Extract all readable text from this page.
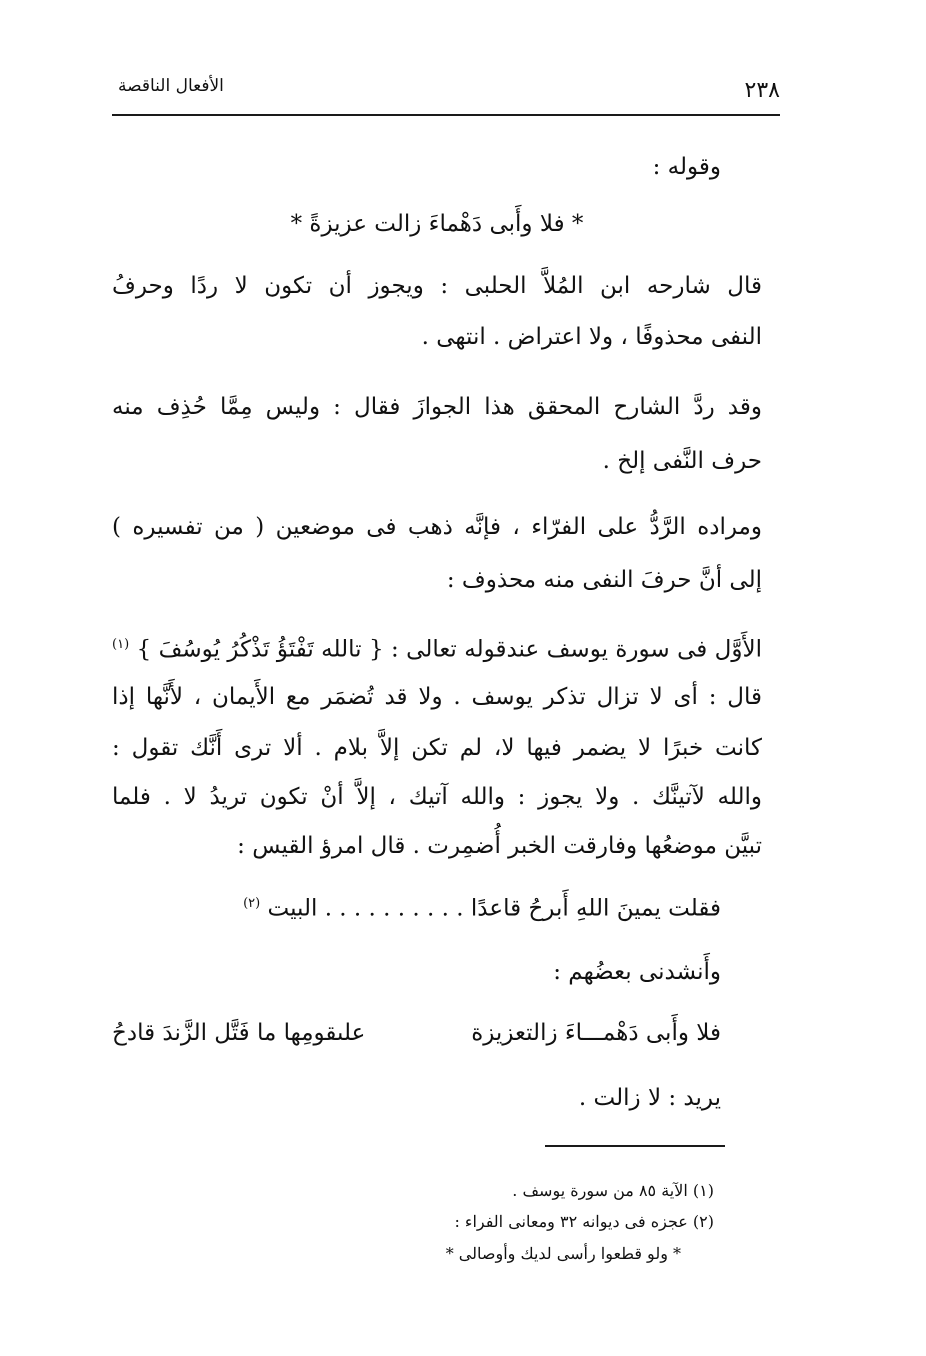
الأفعال الناقصة	٢٣٨
وقوله :
* فلا وأَبى دَهْماءَ زالت عزيزةً *
قال شارحه ابن المُلاَّ الحلبى : ويجوز أن تكون لا ردًا وحرفُ
النفى محذوفًا ، ولا اعتراض . انتهى .
وقد ردَّ الشارح المحقق هذا الجوازَ فقال : وليس مِمَّا حُذِف منه
حرف النَّفى إلخ .
ومراده الرَّدُّ على الفرّاء ، فإنَّه ذهب فى موضعين ( من تفسيره )
إلى أنَّ حرفَ النفى منه محذوف :
الأَوَّل فى سورة يوسف عندقوله تعالى : { تالله تَفْتَؤُ تَذْكُرُ يُوسُفَ } $^{(١)}$
قال : أى لا تزال تذكر يوسف . ولا قد تُضمَر مع الأَيمان ، لأَنَّها إذا
كانت خبرًا لا يضمر فيها لا، لم تكن إلاَّ بلام . ألا ترى أَنَّك تقول :
والله لآتينَّك . ولا يجوز : والله آتيك ، إلاَّ أنْ تكون تريدُ لا . فلما
تبيَّن موضعُها وفارقت الخبر أُضمِرت . قال امرؤ القيس :
فقلت يمينَ اللهِ أَبرحُ قاعدًا . . . . . . . . . . البيت $^{(٢)}$
وأَنشدنى بعضُهم :
فلا وأَبى دَهْمـــاءَ زالتعزيزة
علىقومِها ما فَتَّل الزَّندَ قادحُ
يريد : لا زالت .
(١) الآية ٨٥ من سورة يوسف .
(٢) عجزه فى ديوانه ٣٢ ومعانى الفراء :
* ولو قطعوا رأسى لديك وأوصالى *
